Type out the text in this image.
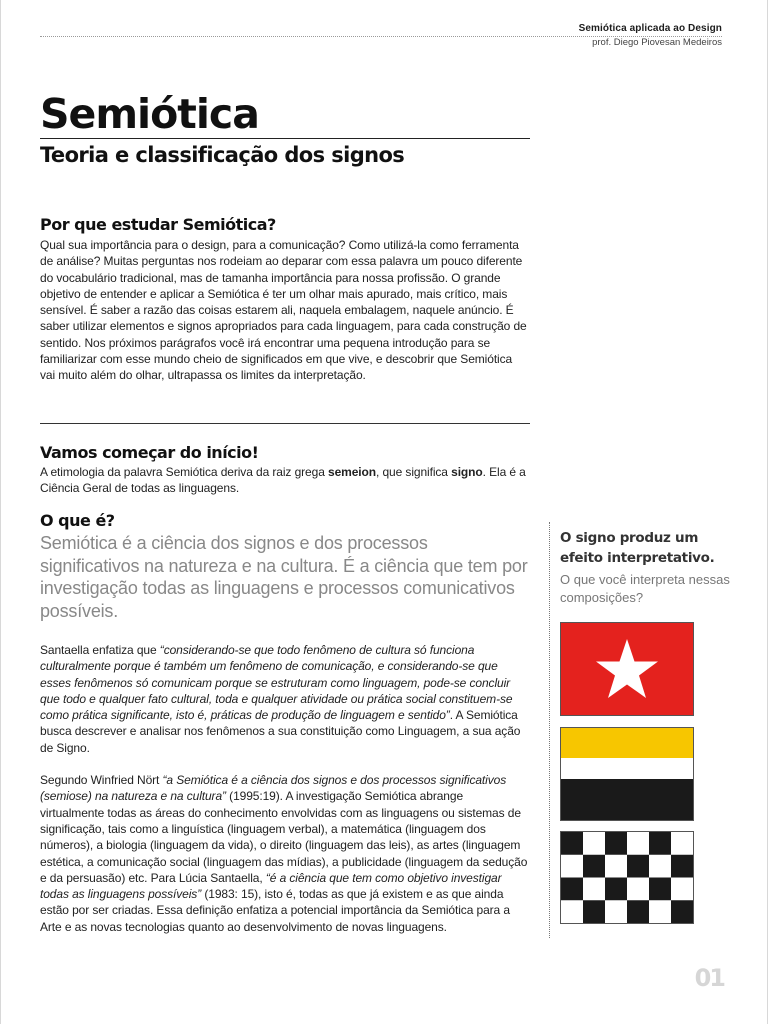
Semiótica aplicada ao Design
prof. Diego Piovesan Medeiros
Semiótica
Teoria e classificação dos signos
Por que estudar Semiótica?
Qual sua importância para o design, para a comunicação? Como utilizá-la como ferramenta de análise? Muitas perguntas nos rodeiam ao deparar com essa palavra um pouco diferente do vocabulário tradicional, mas de tamanha importância para nossa profissão. O grande objetivo de entender e aplicar a Semiótica é ter um olhar mais apurado, mais crítico, mais sensível. É saber a razão das coisas estarem ali, naquela embalagem, naquele anúncio. É saber utilizar elementos e signos apropriados para cada linguagem, para cada construção de sentido. Nos próximos parágrafos você irá encontrar uma pequena introdução para se familiarizar com esse mundo cheio de significados em que vive, e descobrir que Semiótica vai muito além do olhar, ultrapassa os limites da interpretação.
Vamos começar do início!
A etimologia da palavra Semiótica deriva da raiz grega semeion, que significa signo. Ela é a Ciência Geral de todas as linguagens.
O que é?
Semiótica é a ciência dos signos e dos processos significativos na natureza e na cultura. É a ciência que tem por investigação todas as linguagens e processos comunicativos possíveis.
Santaella enfatiza que “considerando-se que todo fenômeno de cultura só funciona culturalmente porque é também um fenômeno de comunicação, e considerando-se que esses fenômenos só comunicam porque se estruturam como linguagem, pode-se concluir que todo e qualquer fato cultural, toda e qualquer atividade ou prática social constituem-se como prática significante, isto é, práticas de produção de linguagem e sentido”. A Semiótica busca descrever e analisar nos fenômenos a sua constituição como Linguagem, a sua ação de Signo.
Segundo Winfried Nört “a Semiótica é a ciência dos signos e dos processos significativos (semiose) na natureza e na cultura” (1995:19). A investigação Semiótica abrange virtualmente todas as áreas do conhecimento envolvidas com as linguagens ou sistemas de significação, tais como a linguística (linguagem verbal), a matemática (linguagem dos números), a biologia (linguagem da vida), o direito (linguagem das leis), as artes (linguagem estética, a comunicação social (linguagem das mídias), a publicidade (linguagem da sedução e da persuasão) etc. Para Lúcia Santaella, “é a ciência que tem como objetivo investigar todas as linguagens possíveis” (1983: 15), isto é, todas as que já existem e as que ainda estão por ser criadas. Essa definição enfatiza a potencial importância da Semiótica para a Arte e as novas tecnologias quanto ao desenvolvimento de novas linguagens.
O signo produz um efeito interpretativo.
O que você interpreta nessas composições?
01
